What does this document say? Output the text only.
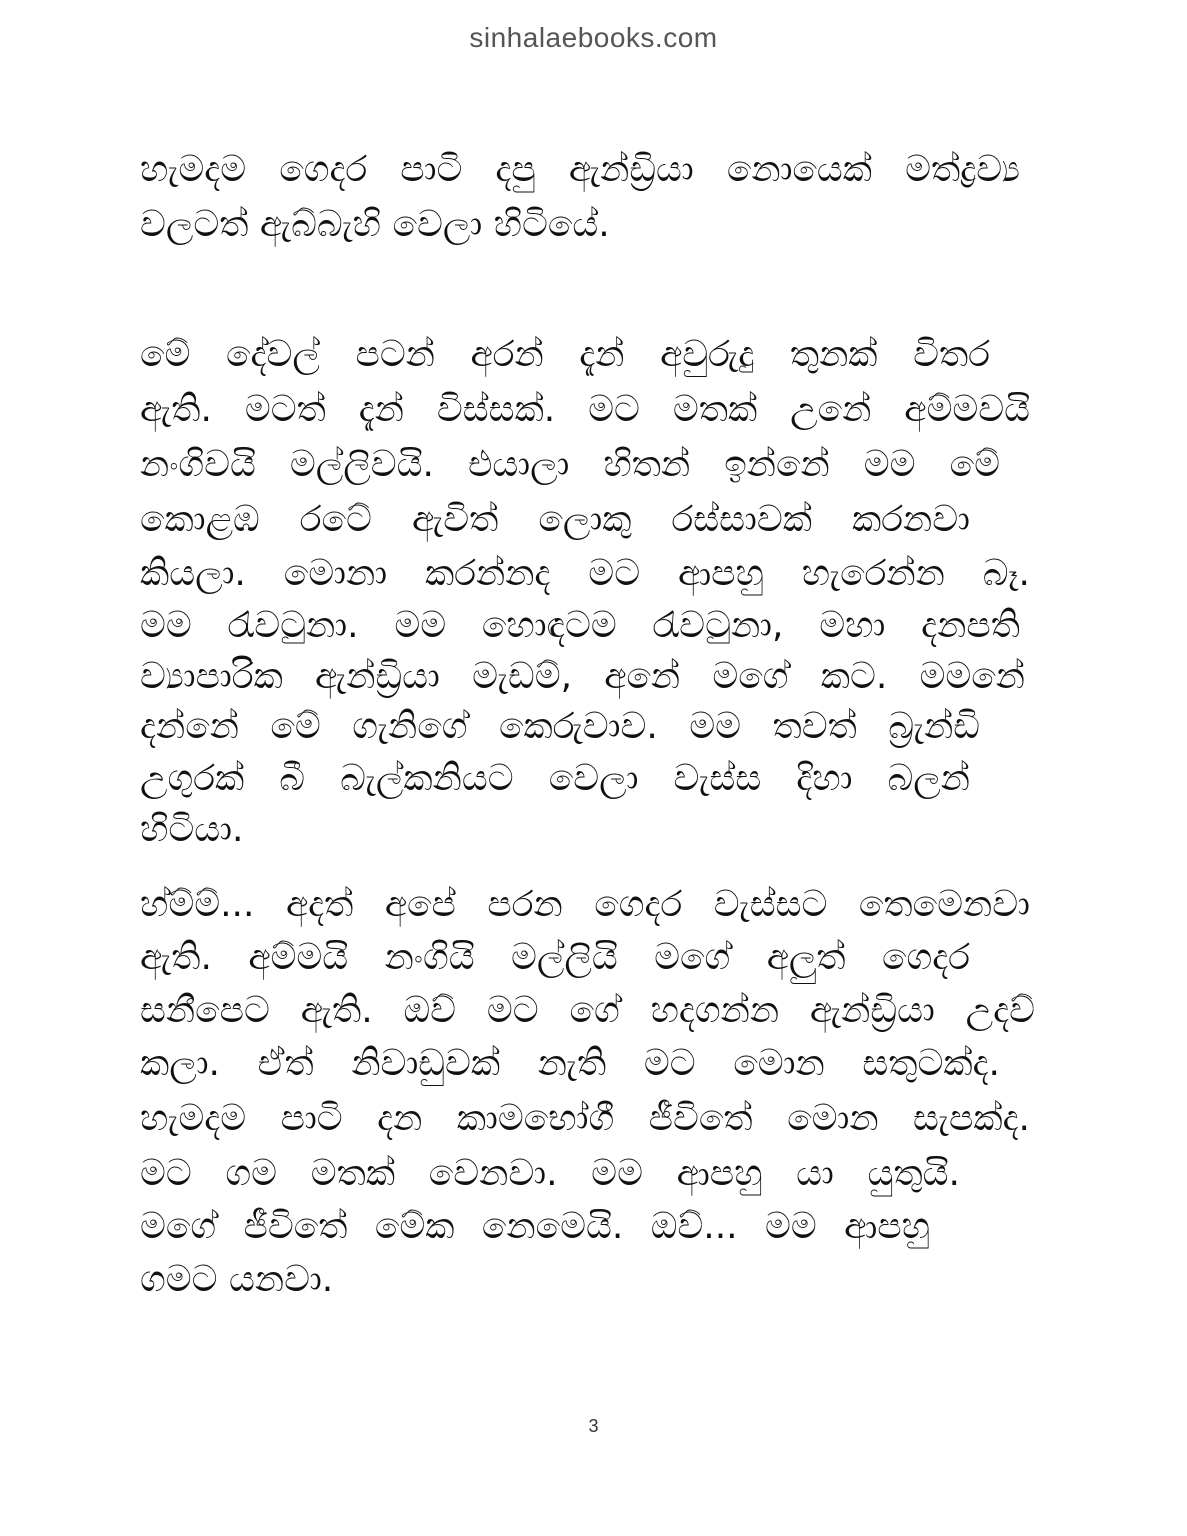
sinhalaebooks.com
හැමදම ගෙදර පාටි දපු ඇන්ඩ්‍රියා නොයෙක් මත්ද්‍රව්‍ය
වලටත් ඇබ්බැහි වෙලා හිටියේ.
මේ දේවල් පටන් අරන් දැන් අවුරුදු තුනක් විතර
ඇති. මටත් දැන් විස්සක්. මට මතක් උනේ අම්මවයි
නංගිවයි මල්ලිවයි. එයාලා හිතන් ඉන්නේ මම මේ
කොළඹ රටේ ඇවිත් ලොකු රස්සාවක් කරනවා
කියලා. මොනා කරන්නද මට ආපහු හැරෙන්න බෑ.
මම රැවටුනා. මම හොඳටම රැවටුනා, මහා දනපති
ව්‍යාපාරික ඇන්ඩ්‍රියා මැඩම්, අනේ මගේ කට. මමනේ
දන්නේ මේ ගැනිගේ කෙරුවාව. මම තවත් බ්‍රැන්ඩි
උගුරක් බී බැල්කනියට වෙලා වැස්ස දිහා බලන්
හිටියා.
හ්ම්ම්... අදත් අපේ පරන ගෙදර වැස්සට තෙමෙනවා
ඇති. අම්මයි නංගියි මල්ලියි මගේ අලුත් ගෙදර
සනීපෙට ඇති. ඔව් මට ගේ හදගන්න ඇන්ඩ්‍රියා උදව්
කලා. ඒත් නිවාඩුවක් නැති මට මොන සතුටක්ද.
හැමදම පාටි දන කාමභෝගී ජීවිතේ මොන සැපක්ද.
මට ගම මතක් වෙනවා. මම ආපහු යා යුතුයි.
මගේ ජීවිතේ මේක නෙමෙයි. ඔව්... මම ආපහු
ගමට යනවා.
3
